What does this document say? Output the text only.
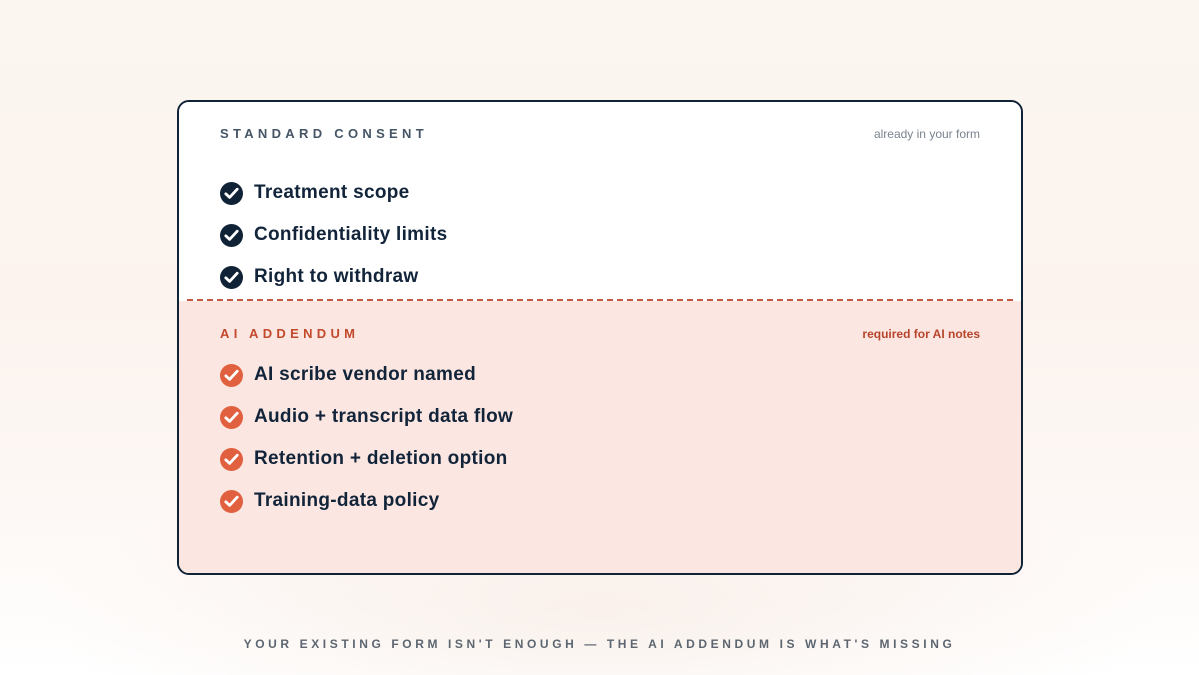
STANDARD CONSENT	already in your form
Treatment scope
Confidentiality limits
Right to withdraw
AI ADDENDUM	required for AI notes
AI scribe vendor named
Audio + transcript data flow
Retention + deletion option
Training-data policy
YOUR EXISTING FORM ISN'T ENOUGH — THE AI ADDENDUM IS WHAT'S MISSING
